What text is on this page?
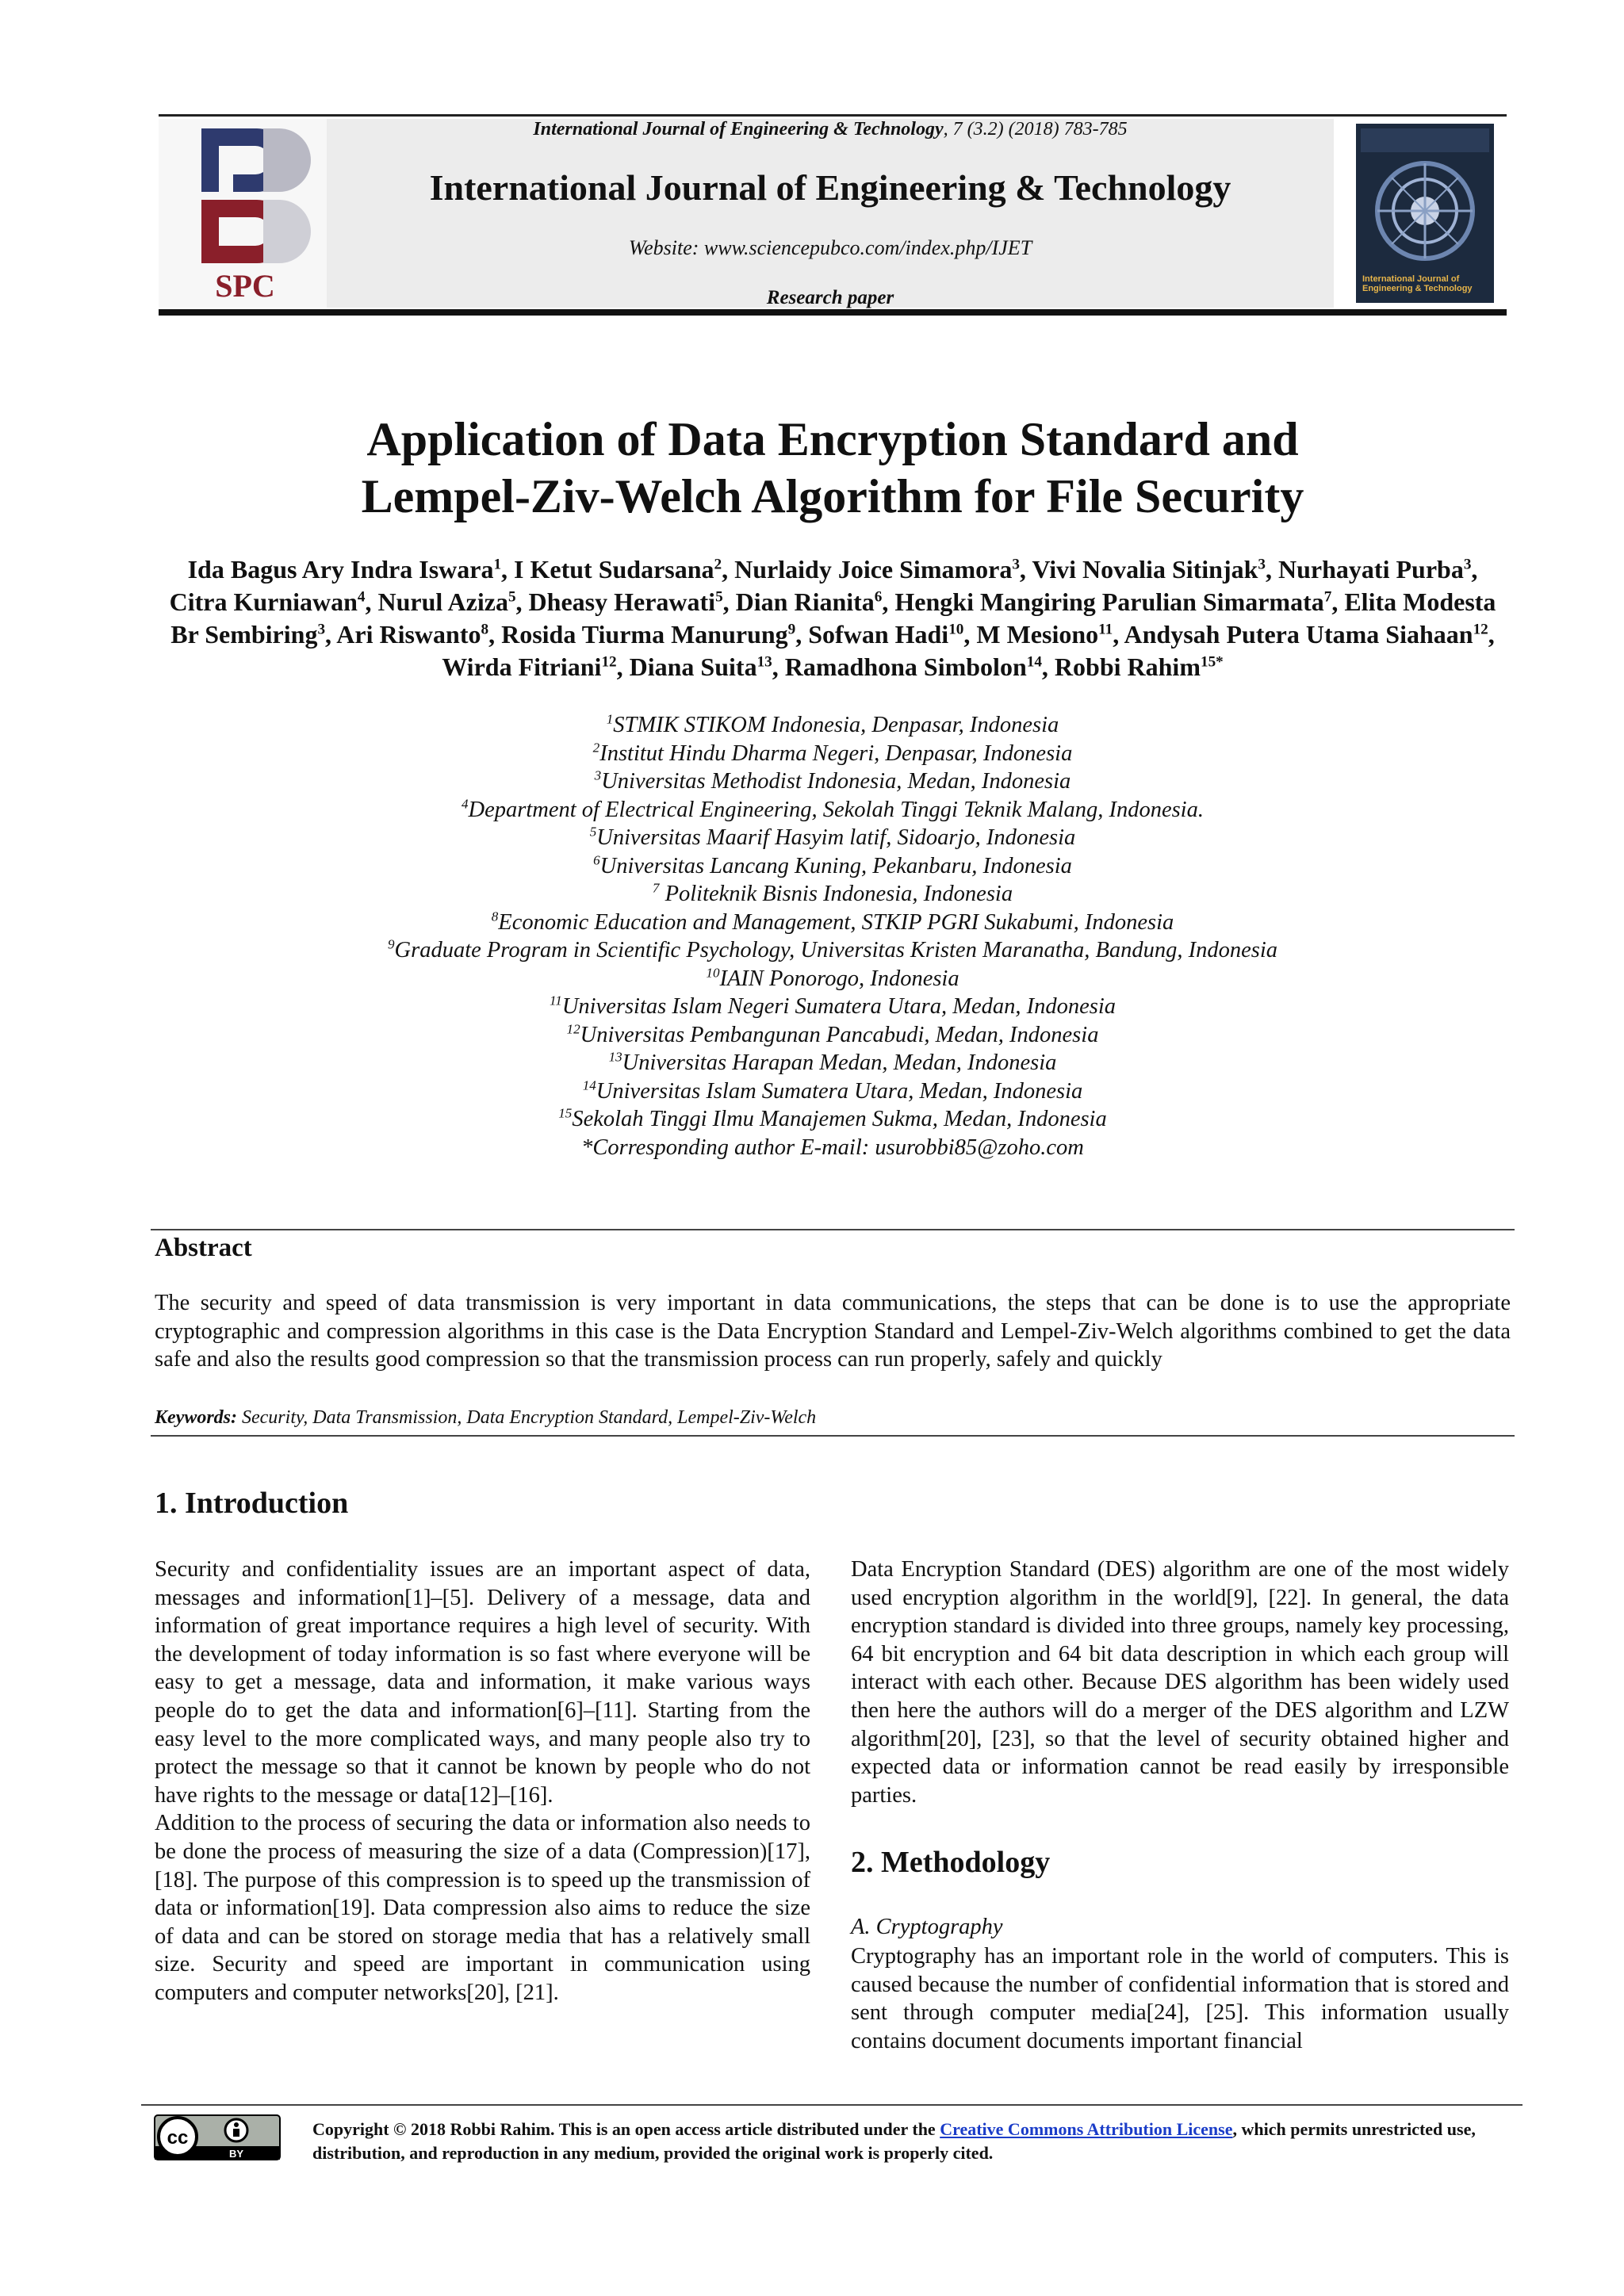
SPC	International Journal of Engineering & Technology
International Journal of Engineering & Technology, 7 (3.2) (2018) 783-785
International Journal of Engineering & Technology
Website: www.sciencepubco.com/index.php/IJET
Research paper
Application of Data Encryption Standard and
Lempel-Ziv-Welch Algorithm for File Security
Ida Bagus Ary Indra Iswara$^1$, I Ketut Sudarsana$^2$, Nurlaidy Joice Simamora$^3$, Vivi Novalia Sitinjak$^3$, Nurhayati Purba$^3$, Citra Kurniawan$^4$, Nurul Aziza$^5$, Dheasy Herawati$^5$, Dian Rianita$^6$, Hengki Mangiring Parulian Simarmata$^7$, Elita Modesta Br Sembiring$^3$, Ari Riswanto$^8$, Rosida Tiurma Manurung$^9$, Sofwan Hadi$^{10}$, M Mesiono$^{11}$, Andysah Putera Utama Siahaan$^{12}$, Wirda Fitriani$^{12}$, Diana Suita$^{13}$, Ramadhona Simbolon$^{14}$, Robbi Rahim$^{15*}$
$^1$STMIK STIKOM Indonesia, Denpasar, Indonesia
$^2$Institut Hindu Dharma Negeri, Denpasar, Indonesia
$^3$Universitas Methodist Indonesia, Medan, Indonesia
$^4$Department of Electrical Engineering, Sekolah Tinggi Teknik Malang, Indonesia.
$^5$Universitas Maarif Hasyim latif, Sidoarjo, Indonesia
$^6$Universitas Lancang Kuning, Pekanbaru, Indonesia
$^7$ Politeknik Bisnis Indonesia, Indonesia
$^8$Economic Education and Management, STKIP PGRI Sukabumi, Indonesia
$^9$Graduate Program in Scientific Psychology, Universitas Kristen Maranatha, Bandung, Indonesia
$^{10}$IAIN Ponorogo, Indonesia
$^{11}$Universitas Islam Negeri Sumatera Utara, Medan, Indonesia
$^{12}$Universitas Pembangunan Pancabudi, Medan, Indonesia
$^{13}$Universitas Harapan Medan, Medan, Indonesia
$^{14}$Universitas Islam Sumatera Utara, Medan, Indonesia
$^{15}$Sekolah Tinggi Ilmu Manajemen Sukma, Medan, Indonesia
*Corresponding author E-mail: usurobbi85@zoho.com
Abstract
The security and speed of data transmission is very important in data communications, the steps that can be done is to use the appropriate cryptographic and compression algorithms in this case is the Data Encryption Standard and Lempel-Ziv-Welch algorithms combined to get the data safe and also the results good compression so that the transmission process can run properly, safely and quickly
Keywords: Security, Data Transmission, Data Encryption Standard, Lempel-Ziv-Welch
1. Introduction

Security and confidentiality issues are an important aspect of data, messages and information[1]–[5]. Delivery of a message, data and information of great importance requires a high level of security. With the development of today information is so fast where everyone will be easy to get a message, data and information, it make various ways people do to get the data and information[6]–[11]. Starting from the easy level to the more complicated ways, and many people also try to protect the message so that it cannot be known by people who do not have rights to the message or data[12]–[16].

Addition to the process of securing the data or information also needs to be done the process of measuring the size of a data (Compression)[17], [18]. The purpose of this compression is to speed up the transmission of data or information[19]. Data compression also aims to reduce the size of data and can be stored on storage media that has a relatively small size. Security and speed are important in communication using computers and computer networks[20], [21].

Data Encryption Standard (DES) algorithm are one of the most widely used encryption algorithm in the world[9], [22]. In general, the data encryption standard is divided into three groups, namely key processing, 64 bit encryption and 64 bit data description in which each group will interact with each other. Because DES algorithm has been widely used then here the authors will do a merger of the DES algorithm and LZW algorithm[20], [23], so that the level of security obtained higher and expected data or information cannot be read easily by irresponsible parties.

2. Methodology
A. Cryptography

Cryptography has an important role in the world of computers. This is caused because the number of confidential information that is stored and sent through computer media[24], [25]. This information usually contains document documents important financial

cc
BY
Copyright © 2018 Robbi Rahim. This is an open access article distributed under the Creative Commons Attribution License, which permits unrestricted use, distribution, and reproduction in any medium, provided the original work is properly cited.
